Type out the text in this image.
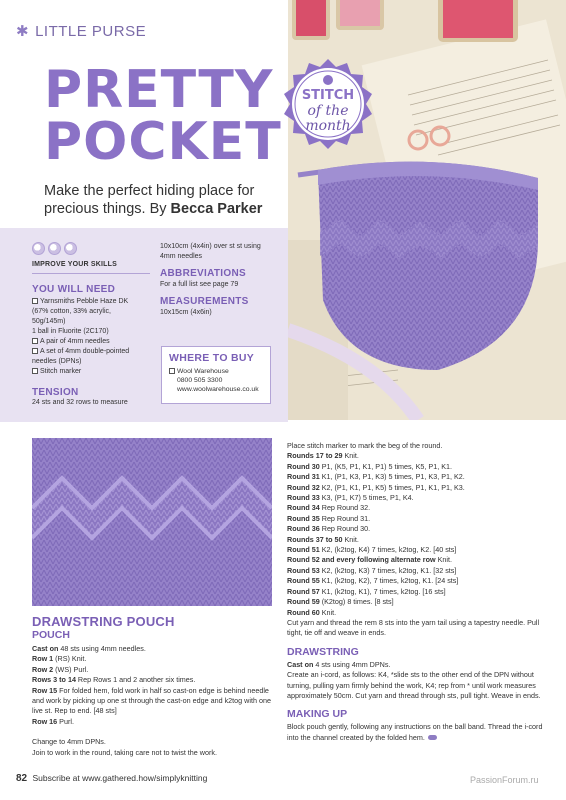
✱ LITTLE PURSE
PRETTY
POCKET
Make the perfect hiding place for precious things. By Becca Parker
STITCH
of the
month
IMPROVE YOUR SKILLS
YOU WILL NEED
Yarnsmiths Pebble Haze DK
(67% cotton, 33% acrylic,
50g/145m)
1 ball in Fluorite (2C170)
A pair of 4mm needles
A set of 4mm double-pointed
needles (DPNs)
Stitch marker
TENSION
24 sts and 32 rows to measure
10x10cm (4x4in) over st st using
4mm needles
ABBREVIATIONS
For a full list see page 79
MEASUREMENTS
10x15cm (4x6in)
WHERE TO BUY
Wool Warehouse
0800 505 3300
www.woolwarehouse.co.uk
DRAWSTRING POUCH
POUCH
Cast on 48 sts using 4mm needles.
Row 1 (RS) Knit.
Row 2 (WS) Purl.
Rows 3 to 14 Rep Rows 1 and 2 another six times.
Row 15 For folded hem, fold work in half so cast-on edge is behind needle and work by picking up one st through the cast-on edge and k2tog with one live st. Rep to end. [48 sts]
Row 16 Purl.
Change to 4mm DPNs.
Join to work in the round, taking care not to twist the work.
Place stitch marker to mark the beg of the round.
Rounds 17 to 29 Knit.
Round 30 P1, (K5, P1, K1, P1) 5 times, K5, P1, K1.
Round 31 K1, (P1, K3, P1, K3) 5 times, P1, K3, P1, K2.
Round 32 K2, (P1, K1, P1, K5) 5 times, P1, K1, P1, K3.
Round 33 K3, (P1, K7) 5 times, P1, K4.
Round 34 Rep Round 32.
Round 35 Rep Round 31.
Round 36 Rep Round 30.
Rounds 37 to 50 Knit.
Round 51 K2, (k2tog, K4) 7 times, k2tog, K2. [40 sts]
Round 52 and every following alternate row Knit.
Round 53 K2, (k2tog, K3) 7 times, k2tog, K1. [32 sts]
Round 55 K1, (k2tog, K2), 7 times, k2tog, K1. [24 sts]
Round 57 K1, (k2tog, K1), 7 times, k2tog. [16 sts]
Round 59 (K2tog) 8 times. [8 sts]
Round 60 Knit.
Cut yarn and thread the rem 8 sts into the yarn tail using a tapestry needle. Pull tight, tie off and weave in ends.
DRAWSTRING
Cast on 4 sts using 4mm DPNs.
Create an i-cord, as follows: K4, *slide sts to the other end of the DPN without turning, pulling yarn firmly behind the work, K4; rep from * until work measures approximately 50cm. Cut yarn and thread through sts, pull tight. Weave in ends.
MAKING UP
Block pouch gently, following any instructions on the ball band. Thread the i-cord into the channel created by the folded hem.
82 Subscribe at www.gathered.how/simplyknitting	PassionForum.ru
